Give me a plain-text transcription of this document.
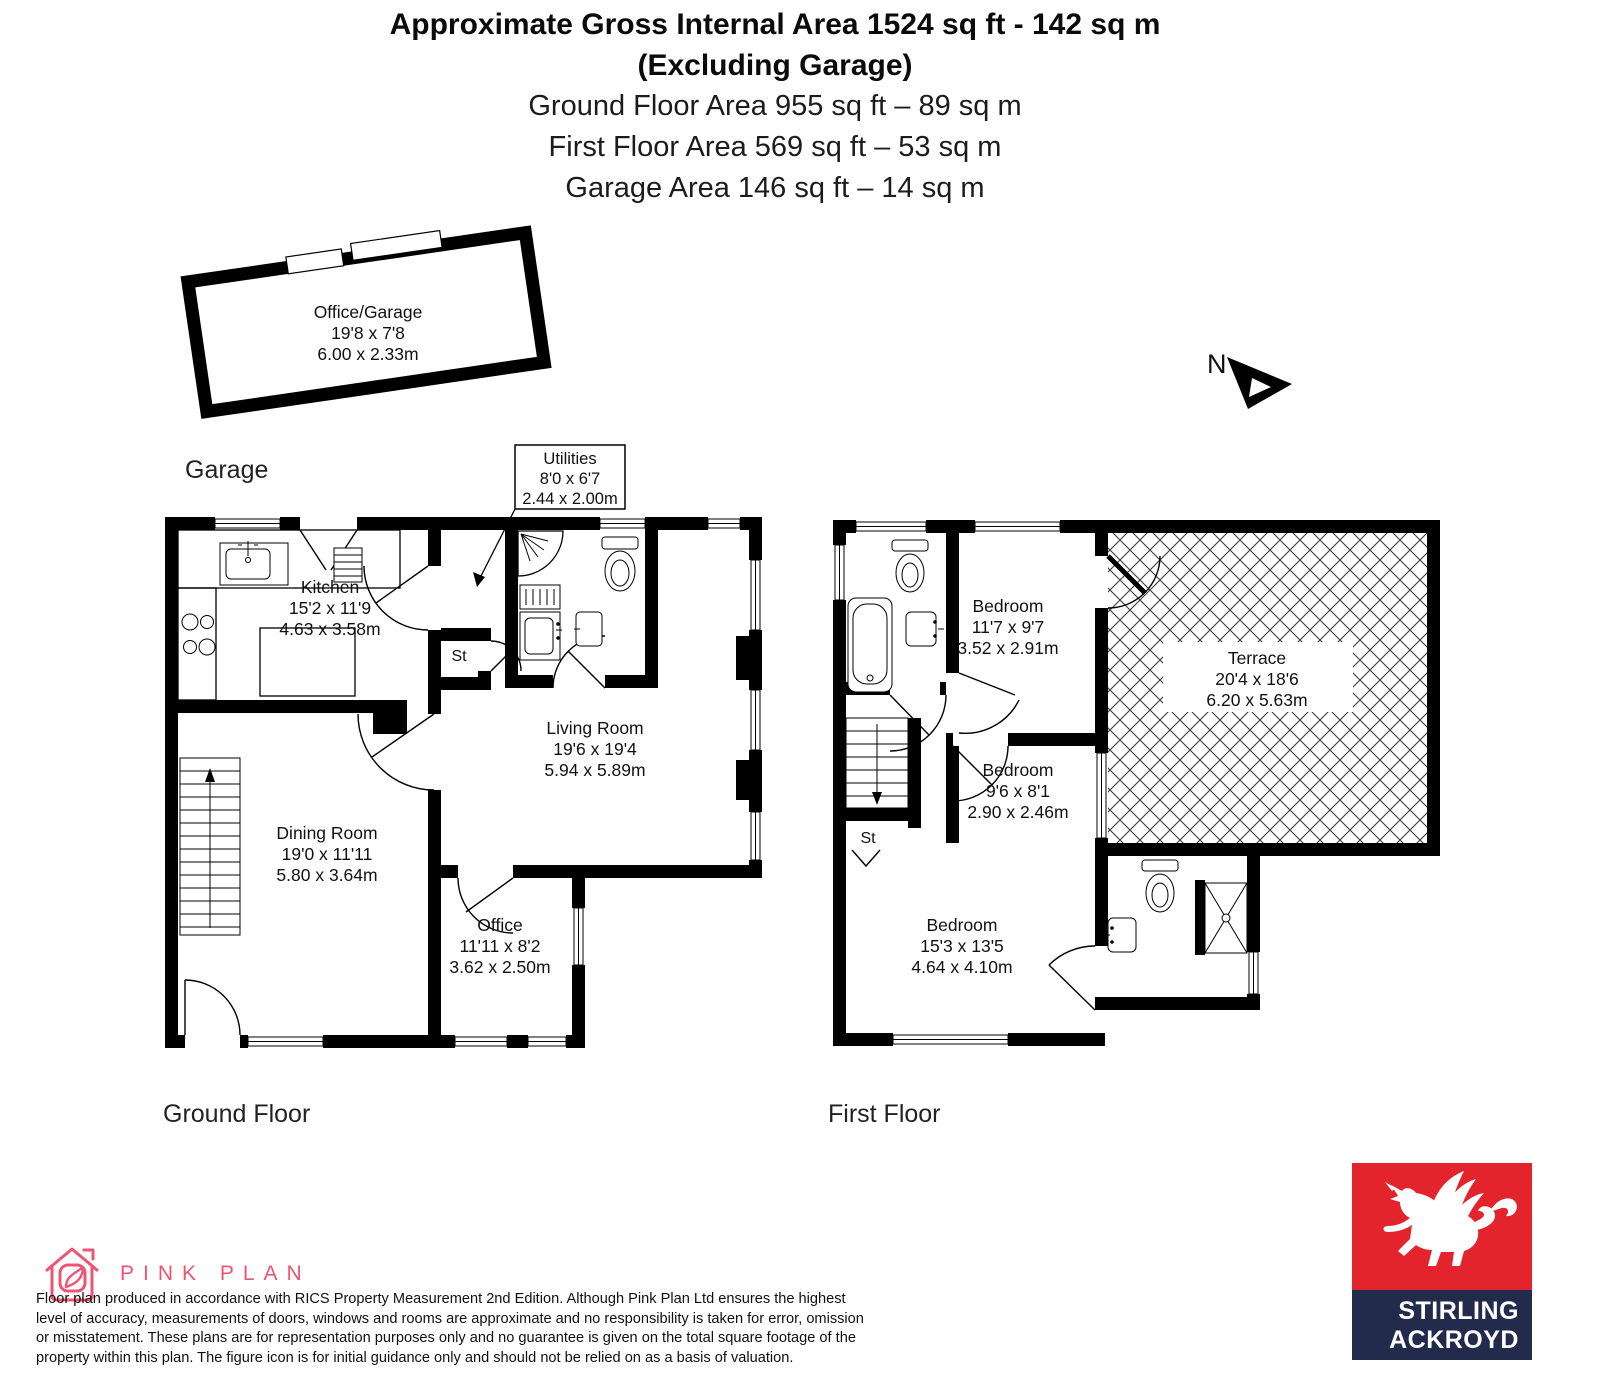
Approximate Gross Internal Area 1524 sq ft - 142 sq m
(Excluding Garage)
Ground Floor Area 955 sq ft – 89 sq m
First Floor Area 569 sq ft – 53 sq m
Garage Area 146 sq ft – 14 sq m
Office/Garage
19'8 x 7'8
6.00 x 2.33m
Garage
N
Utilities
8'0 x 6'7
2.44 x 2.00m
Kitchen
15'2 x 11'9
4.63 x 3.58m
Living Room
19'6 x 19'4
5.94 x 5.89m
Dining Room
19'0 x 11'11
5.80 x 3.64m
Office
11'11 x 8'2
3.62 x 2.50m
St
Ground Floor
Bedroom
11'7 x 9'7
3.52 x 2.91m	Terrace
20'4 x 18'6
6.20 x 5.63m
Bedroom
9'6 x 8'1
2.90 x 2.46m
Bedroom
15'3 x 13'5
4.64 x 4.10m
St
First Floor
PINK PLAN
Floor plan produced in accordance with RICS Property Measurement 2nd Edition. Although Pink Plan Ltd ensures the highest
level of accuracy, measurements of doors, windows and rooms are approximate and no responsibility is taken for error, omission
or misstatement. These plans are for representation purposes only and no guarantee is given on the total square footage of the
property within this plan. The figure icon is for initial guidance only and should not be relied on as a basis of valuation.
STIRLING
ACKROYD
